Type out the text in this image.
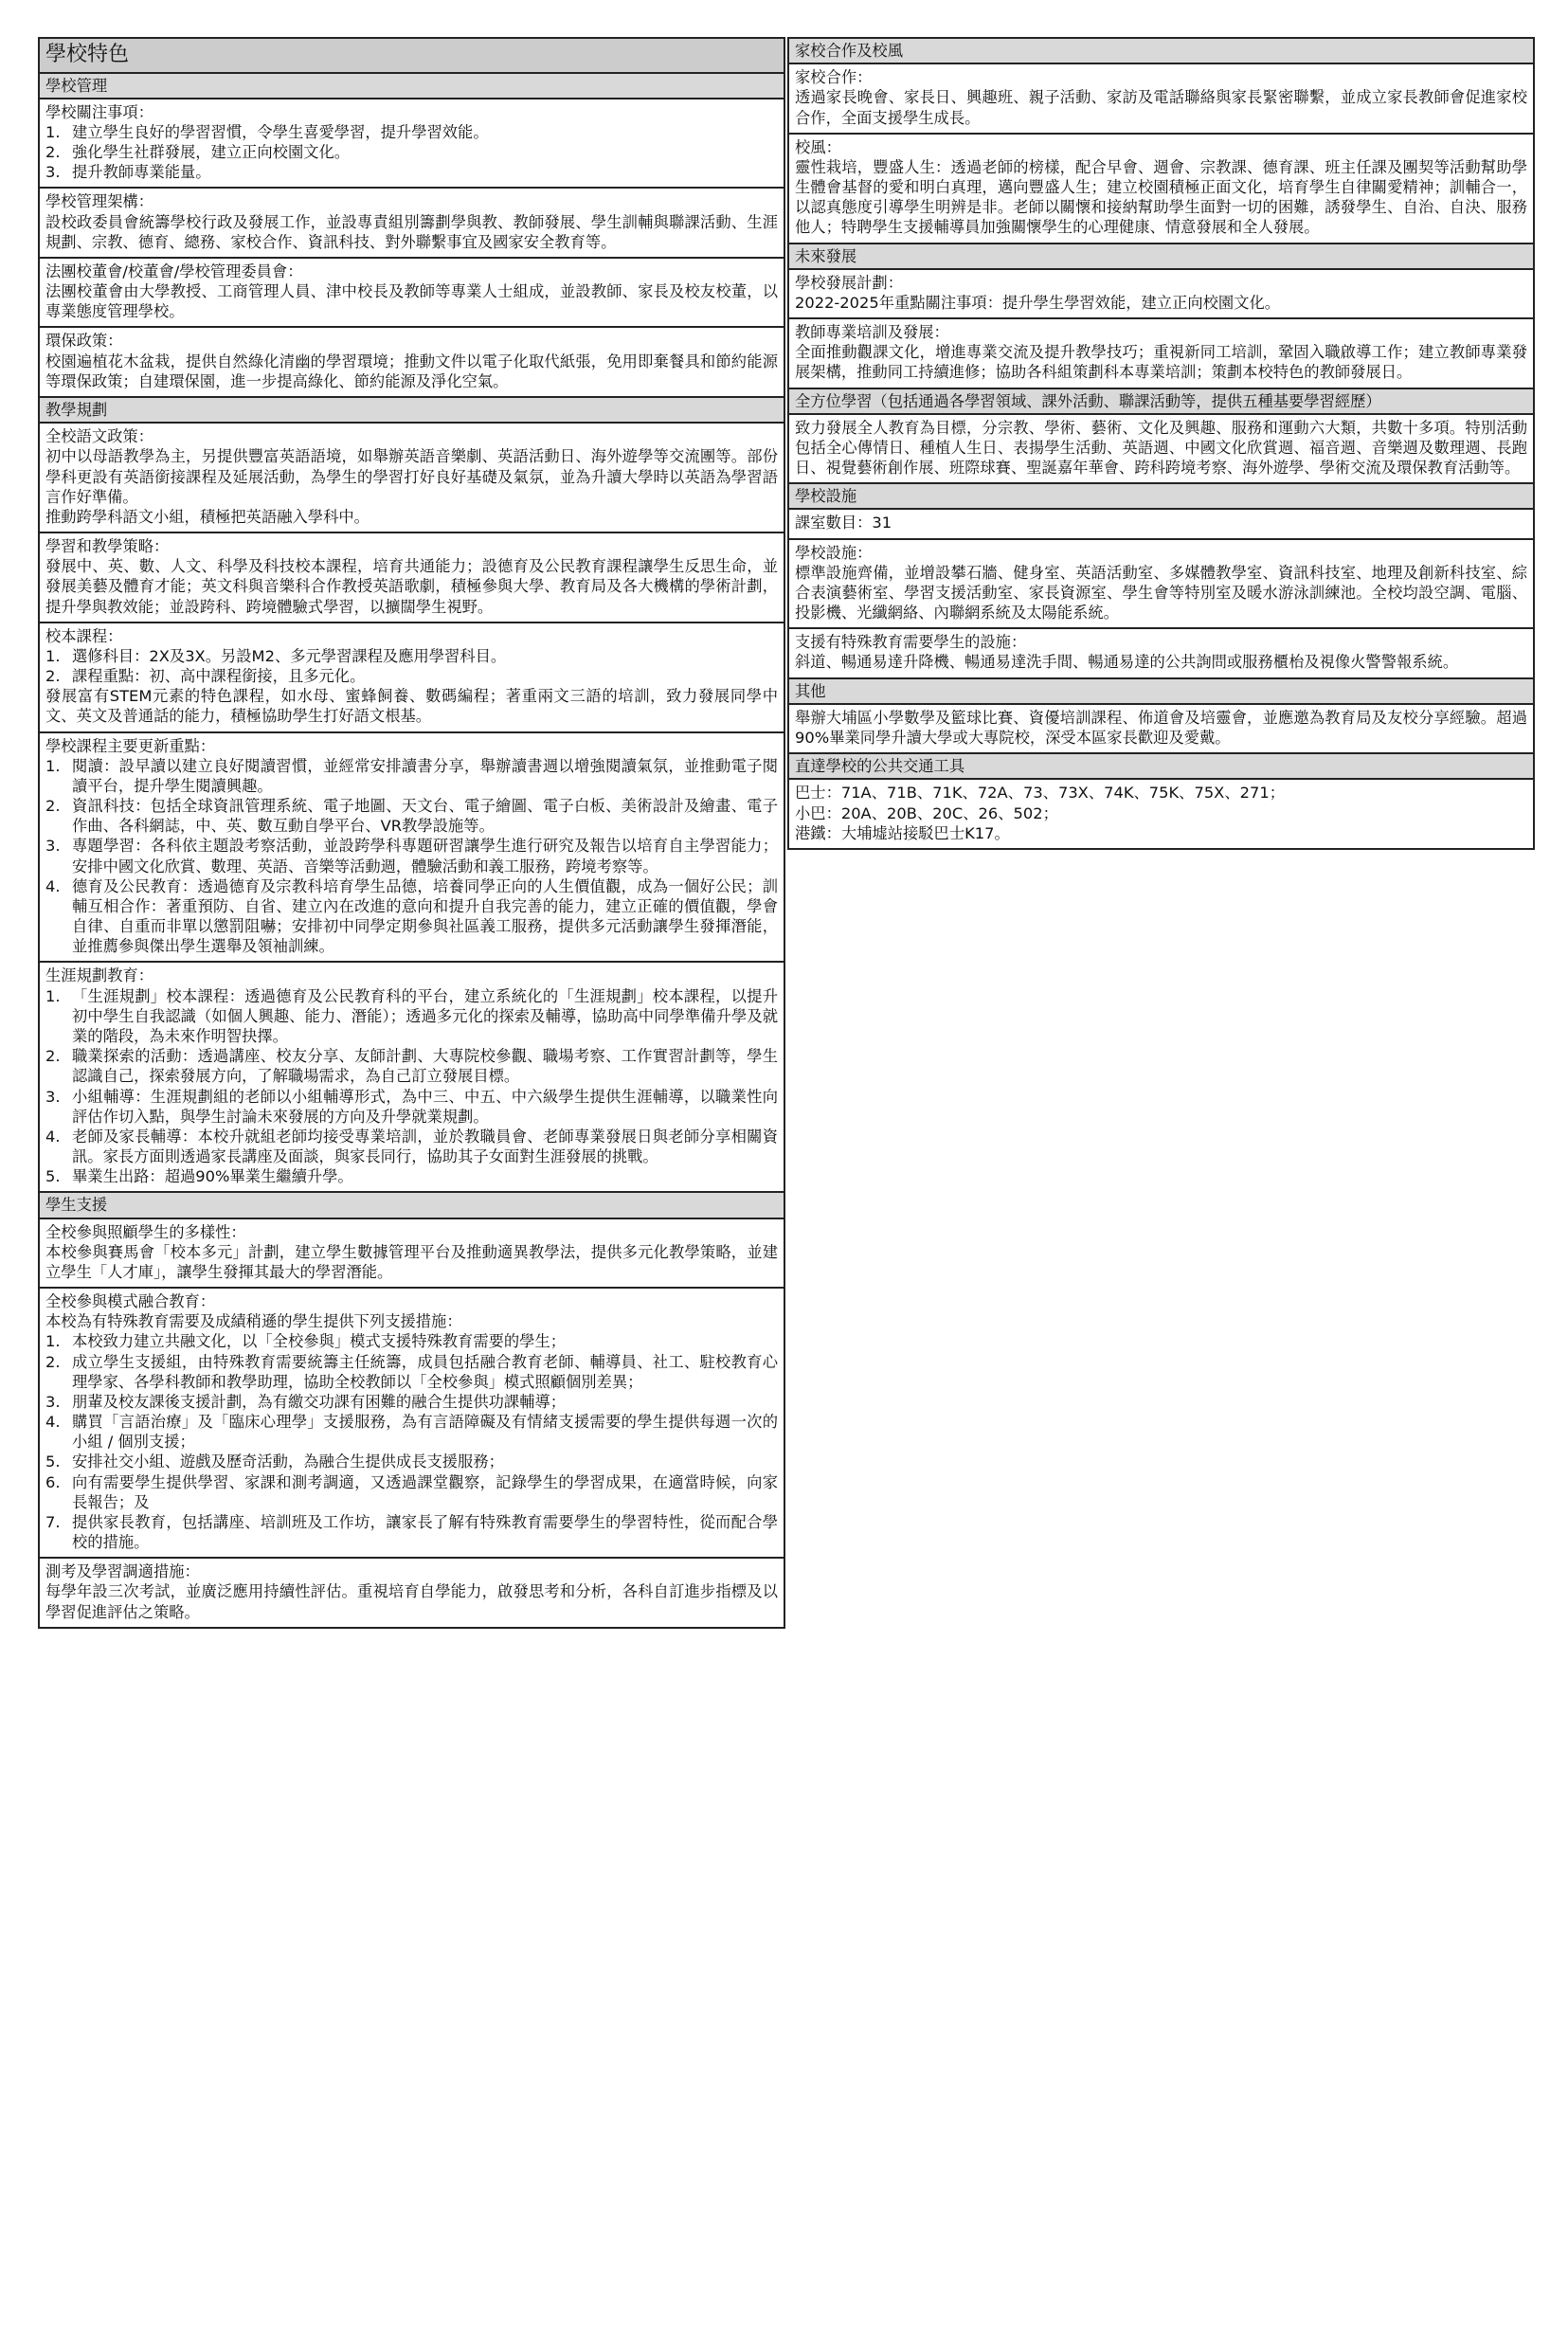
學校特色
學校管理
學校關注事項：
1. 建立學生良好的學習習慣，令學生喜愛學習，提升學習效能。
2. 強化學生社群發展，建立正向校園文化。
3. 提升教師專業能量。
學校管理架構：
設校政委員會統籌學校行政及發展工作，並設專責組別籌劃學與教、教師發展、學生訓輔與聯課活動、生涯規劃、宗教、德育、總務、家校合作、資訊科技、對外聯繫事宜及國家安全教育等。
法團校董會/校董會/學校管理委員會：
法團校董會由大學教授、工商管理人員、津中校長及教師等專業人士組成，並設教師、家長及校友校董，以專業態度管理學校。
環保政策：
校園遍植花木盆栽，提供自然綠化清幽的學習環境；推動文件以電子化取代紙張，免用即棄餐具和節約能源等環保政策；自建環保園，進一步提高綠化、節約能源及淨化空氣。
教學規劃
全校語文政策：
初中以母語教學為主，另提供豐富英語語境，如舉辦英語音樂劇、英語活動日、海外遊學等交流團等。部份學科更設有英語銜接課程及延展活動，為學生的學習打好良好基礎及氣氛，並為升讀大學時以英語為學習語言作好準備。
推動跨學科語文小組，積極把英語融入學科中。
學習和教學策略：
發展中、英、數、人文、科學及科技校本課程，培育共通能力；設德育及公民教育課程讓學生反思生命，並發展美藝及體育才能；英文科與音樂科合作教授英語歌劇，積極參與大學、教育局及各大機構的學術計劃，提升學與教效能；並設跨科、跨境體驗式學習，以擴闊學生視野。
校本課程：
1. 選修科目：2X及3X。另設M2、多元學習課程及應用學習科目。
2. 課程重點：初、高中課程銜接，且多元化。
發展富有STEM元素的特色課程，如水母、蜜蜂飼養、數碼編程；著重兩文三語的培訓，致力發展同學中文、英文及普通話的能力，積極協助學生打好語文根基。
學校課程主要更新重點：
1. 閱讀：設早讀以建立良好閱讀習慣，並經常安排讀書分享，舉辦讀書週以增強閱讀氣氛，並推動電子閱讀平台，提升學生閱讀興趣。
2. 資訊科技：包括全球資訊管理系統、電子地圖、天文台、電子繪圖、電子白板、美術設計及繪畫、電子作曲、各科網誌，中、英、數互動自學平台、VR教學設施等。
3. 專題學習：各科依主題設考察活動，並設跨學科專題研習讓學生進行研究及報告以培育自主學習能力；安排中國文化欣賞、數理、英語、音樂等活動週，體驗活動和義工服務，跨境考察等。
4. 德育及公民教育：透過德育及宗教科培育學生品德，培養同學正向的人生價值觀，成為一個好公民；訓輔互相合作：著重預防、自省、建立內在改進的意向和提升自我完善的能力，建立正確的價值觀，學會自律、自重而非單以懲罰阻嚇；安排初中同學定期參與社區義工服務，提供多元活動讓學生發揮潛能，並推薦參與傑出學生選舉及領袖訓練。
生涯規劃教育：
1. 「生涯規劃」校本課程：透過德育及公民教育科的平台，建立系統化的「生涯規劃」校本課程，以提升初中學生自我認識（如個人興趣、能力、潛能）；透過多元化的探索及輔導，協助高中同學準備升學及就業的階段，為未來作明智抉擇。
2. 職業探索的活動：透過講座、校友分享、友師計劃、大專院校參觀、職場考察、工作實習計劃等，學生認識自己，探索發展方向，了解職場需求，為自己訂立發展目標。
3. 小組輔導：生涯規劃組的老師以小組輔導形式，為中三、中五、中六級學生提供生涯輔導，以職業性向評估作切入點，與學生討論未來發展的方向及升學就業規劃。
4. 老師及家長輔導：本校升就組老師均接受專業培訓，並於教職員會、老師專業發展日與老師分享相關資訊。家長方面則透過家長講座及面談，與家長同行，協助其子女面對生涯發展的挑戰。
5. 畢業生出路：超過90%畢業生繼續升學。
學生支援
全校參與照顧學生的多樣性：
本校參與賽馬會「校本多元」計劃，建立學生數據管理平台及推動適異教學法，提供多元化教學策略，並建立學生「人才庫」，讓學生發揮其最大的學習潛能。
全校參與模式融合教育：
本校為有特殊教育需要及成績稍遜的學生提供下列支援措施：
1. 本校致力建立共融文化，以「全校參與」模式支援特殊教育需要的學生；
2. 成立學生支援組，由特殊教育需要統籌主任統籌，成員包括融合教育老師、輔導員、社工、駐校教育心理學家、各學科教師和教學助理，協助全校教師以「全校參與」模式照顧個別差異；
3. 朋輩及校友課後支援計劃，為有繳交功課有困難的融合生提供功課輔導；
4. 購買「言語治療」及「臨床心理學」支援服務，為有言語障礙及有情緒支援需要的學生提供每週一次的小組 / 個別支援；
5. 安排社交小組、遊戲及歷奇活動，為融合生提供成長支援服務；
6. 向有需要學生提供學習、家課和測考調適，又透過課堂觀察，記錄學生的學習成果，在適當時候，向家長報告；及
7. 提供家長教育，包括講座、培訓班及工作坊，讓家長了解有特殊教育需要學生的學習特性，從而配合學校的措施。
測考及學習調適措施：
每學年設三次考試，並廣泛應用持續性評估。重視培育自學能力，啟發思考和分析，各科自訂進步指標及以學習促進評估之策略。
家校合作及校風
家校合作：
透過家長晚會、家長日、興趣班、親子活動、家訪及電話聯絡與家長緊密聯繫，並成立家長教師會促進家校合作，全面支援學生成長。
校風：
靈性栽培，豐盛人生：透過老師的榜樣，配合早會、週會、宗教課、德育課、班主任課及團契等活動幫助學生體會基督的愛和明白真理，邁向豐盛人生；建立校園積極正面文化，培育學生自律關愛精神；訓輔合一，以認真態度引導學生明辨是非。老師以關懷和接納幫助學生面對一切的困難，誘發學生、自治、自決、服務他人；特聘學生支援輔導員加強關懷學生的心理健康、情意發展和全人發展。
未來發展
學校發展計劃：
2022-2025年重點關注事項：提升學生學習效能，建立正向校園文化。
教師專業培訓及發展：
全面推動觀課文化，增進專業交流及提升教學技巧；重視新同工培訓，鞏固入職啟導工作；建立教師專業發展架構，推動同工持續進修；協助各科組策劃科本專業培訓；策劃本校特色的教師發展日。
全方位學習（包括通過各學習領域、課外活動、聯課活動等，提供五種基要學習經歷）
致力發展全人教育為目標，分宗教、學術、藝術、文化及興趣、服務和運動六大類，共數十多項。特別活動包括全心傳情日、種植人生日、表揚學生活動、英語週、中國文化欣賞週、福音週、音樂週及數理週、長跑日、視覺藝術創作展、班際球賽、聖誕嘉年華會、跨科跨境考察、海外遊學、學術交流及環保教育活動等。
學校設施
課室數目：31
學校設施：
標準設施齊備，並增設攀石牆、健身室、英語活動室、多媒體教學室、資訊科技室、地理及創新科技室、綜合表演藝術室、學習支援活動室、家長資源室、學生會等特別室及暖水游泳訓練池。全校均設空調、電腦、投影機、光纖網絡、內聯網系統及太陽能系統。
支援有特殊教育需要學生的設施：
斜道、暢通易達升降機、暢通易達洗手間、暢通易達的公共詢問或服務櫃枱及視像火警警報系統。
其他
舉辦大埔區小學數學及籃球比賽、資優培訓課程、佈道會及培靈會，並應邀為教育局及友校分享經驗。超過90%畢業同學升讀大學或大專院校，深受本區家長歡迎及愛戴。
直達學校的公共交通工具
巴士：71A、71B、71K、72A、73、73X、74K、75K、75X、271；
小巴：20A、20B、20C、26、502；
港鐵：大埔墟站接駁巴士K17。
